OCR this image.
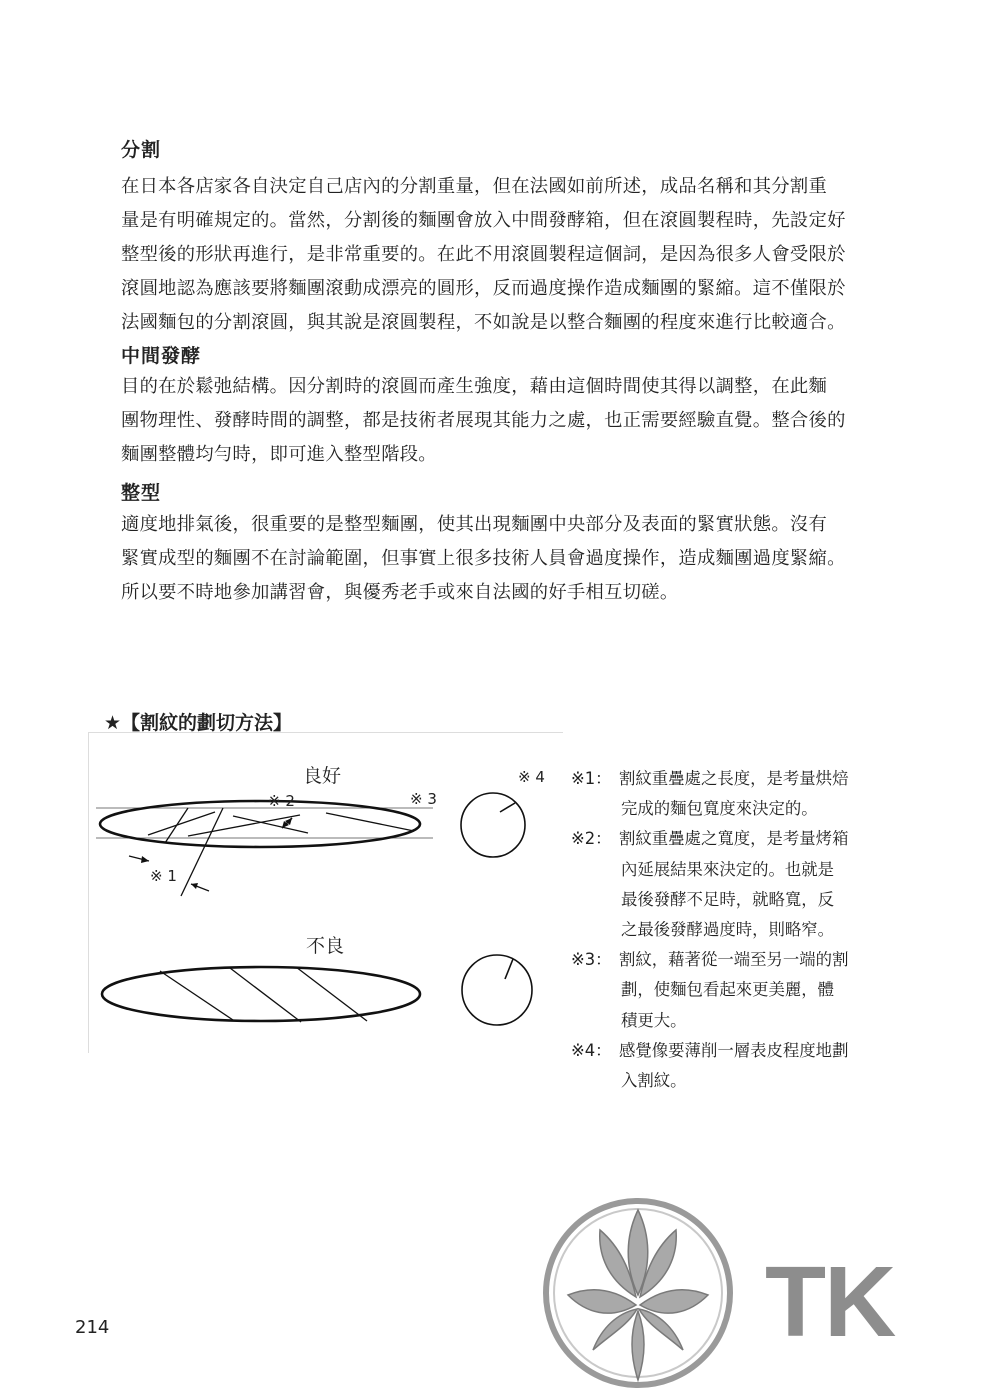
分割

在日本各店家各自決定自己店內的分割重量，但在法國如前所述，成品名稱和其分割重
量是有明確規定的。當然，分割後的麵團會放入中間發酵箱，但在滾圓製程時，先設定好
整型後的形狀再進行，是非常重要的。在此不用滾圓製程這個詞，是因為很多人會受限於
滾圓地認為應該要將麵團滾動成漂亮的圓形，反而過度操作造成麵團的緊縮。這不僅限於
法國麵包的分割滾圓，與其說是滾圓製程，不如說是以整合麵團的程度來進行比較適合。

中間發酵

目的在於鬆弛結構。因分割時的滾圓而產生強度，藉由這個時間使其得以調整，在此麵
團物理性、發酵時間的調整，都是技術者展現其能力之處，也正需要經驗直覺。整合後的
麵團整體均勻時，即可進入整型階段。

整型

適度地排氣後，很重要的是整型麵團，使其出現麵團中央部分及表面的緊實狀態。沒有
緊實成型的麵團不在討論範圍，但事實上很多技術人員會過度操作，造成麵團過度緊縮。
所以要不時地參加講習會，與優秀老手或來自法國的好手相互切磋。

★【割紋的劃切方法】
良好
※ 1
※ 2	※ 3
※ 4
不良
※1： 割紋重疊處之長度，是考量烘焙
完成的麵包寬度來決定的。
※2： 割紋重疊處之寬度，是考量烤箱
內延展結果來決定的。也就是
最後發酵不足時，就略寬，反
之最後發酵過度時，則略窄。
※3： 割紋，藉著從一端至另一端的割
劃，使麵包看起來更美麗，體
積更大。
※4： 感覺像要薄削一層表皮程度地劃
入割紋。
214	TK
